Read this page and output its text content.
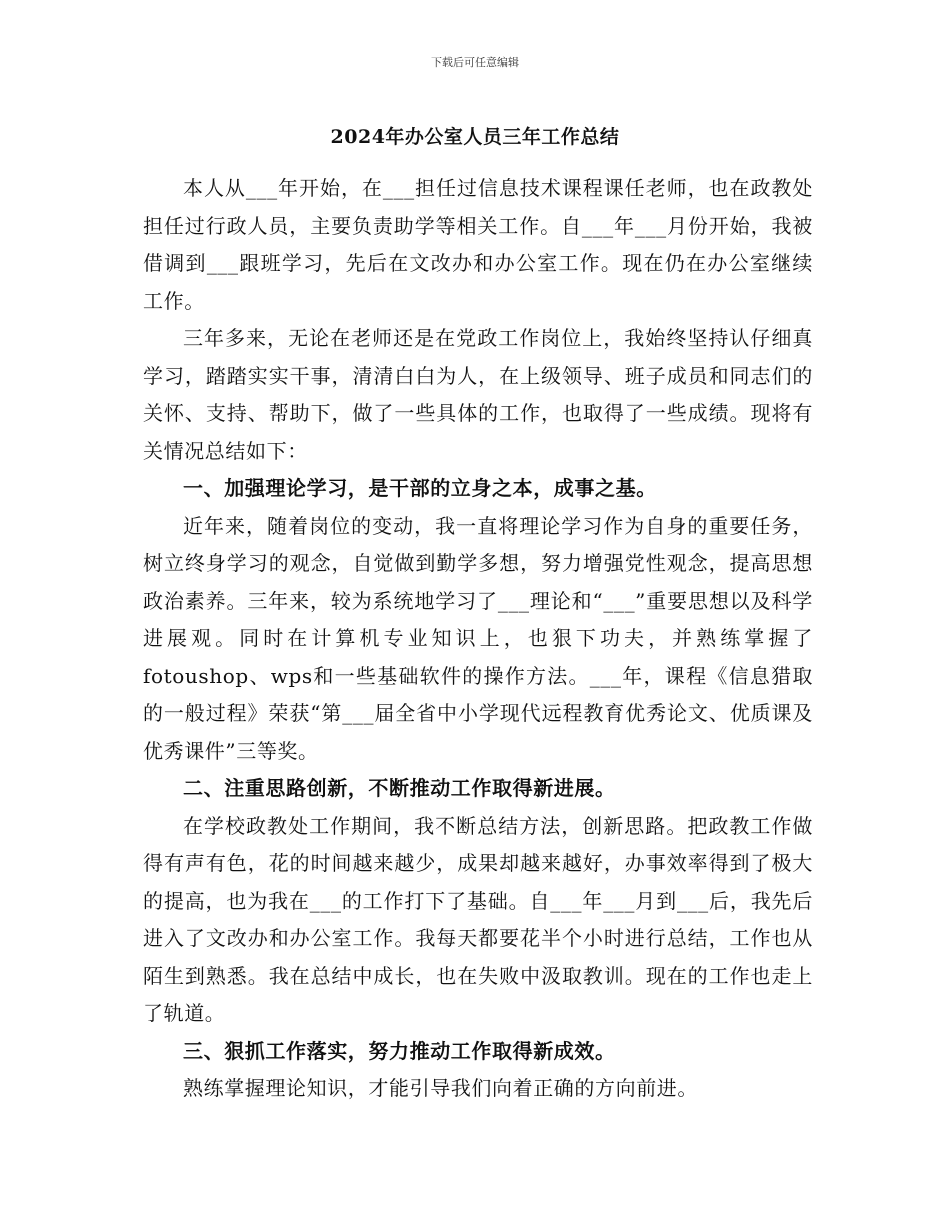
下载后可任意编辑
2024年办公室人员三年工作总结

本人从___年开始，在___担任过信息技术课程课任老师，也在政教处担任过行政人员，主要负责助学等相关工作。自___年___月份开始，我被借调到___跟班学习，先后在文改办和办公室工作。现在仍在办公室继续工作。

三年多来，无论在老师还是在党政工作岗位上，我始终坚持认仔细真学习，踏踏实实干事，清清白白为人，在上级领导、班子成员和同志们的关怀、支持、帮助下，做了一些具体的工作，也取得了一些成绩。现将有关情况总结如下：

一、加强理论学习，是干部的立身之本，成事之基。

近年来，随着岗位的变动，我一直将理论学习作为自身的重要任务，树立终身学习的观念，自觉做到勤学多想，努力增强党性观念，提高思想政治素养。三年来，较为系统地学习了___理论和“___”重要思想以及科学进展观。同时在计算机专业知识上，也狠下功夫，并熟练掌握了fotoushop、wps和一些基础软件的操作方法。___年，课程《信息猎取的一般过程》荣获“第___届全省中小学现代远程教育优秀论文、优质课及优秀课件”三等奖。

二、注重思路创新，不断推动工作取得新进展。

在学校政教处工作期间，我不断总结方法，创新思路。把政教工作做得有声有色，花的时间越来越少，成果却越来越好，办事效率得到了极大的提高，也为我在___的工作打下了基础。自___年___月到___后，我先后进入了文改办和办公室工作。我每天都要花半个小时进行总结，工作也从陌生到熟悉。我在总结中成长，也在失败中汲取教训。现在的工作也走上了轨道。

三、狠抓工作落实，努力推动工作取得新成效。

熟练掌握理论知识，才能引导我们向着正确的方向前进。
